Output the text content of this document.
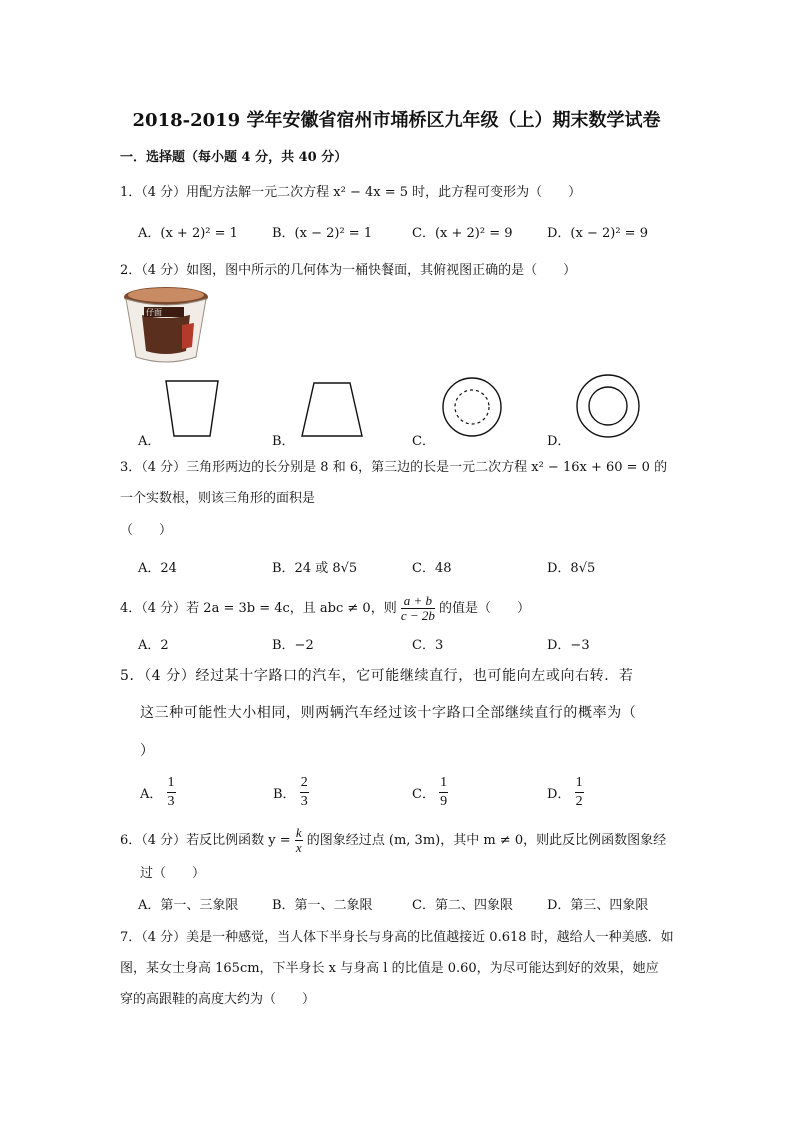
2018-2019 学年安徽省宿州市埇桥区九年级（上）期末数学试卷
一．选择题（每小题 4 分，共 40 分）
1．（4 分）用配方法解一元二次方程 x² − 4x = 5 时，此方程可变形为（　　）
A．(x + 2)² = 1	B．(x − 2)² = 1	C．(x + 2)² = 9	D．(x − 2)² = 9
2．（4 分）如图，图中所示的几何体为一桶快餐面，其俯视图正确的是（　　）
仔面
A．	B．	C．	D．
3．（4 分）三角形两边的长分别是 8 和 6，第三边的长是一元二次方程 x² − 16x + 60 = 0 的一个实数根，则该三角形的面积是
（　　）
A．24	B．24 或 8√5	C．48	D．8√5
4．（4 分）若 2a = 3b = 4c，且 abc ≠ 0，则 $\frac{a + b}{c - 2b}$ 的值是（　　）
A．2	B．−2	C．3	D．−3
5．（4 分）经过某十字路口的汽车，它可能继续直行，也可能向左或向右转．若
这三种可能性大小相同，则两辆汽车经过该十字路口全部继续直行的概率为（
）
A． $\frac{1}{3}$	B． $\frac{2}{3}$	C． $\frac{1}{9}$	D． $\frac{1}{2}$
6．（4 分）若反比例函数 $y = \frac{k}{x}$ 的图象经过点 (m, 3m)，其中 m ≠ 0，则此反比例函数图象经
过（　　）
A．第一、三象限	B．第一、二象限	C．第二、四象限	D．第三、四象限
7．（4 分）美是一种感觉，当人体下半身长与身高的比值越接近 0.618 时，越给人一种美感．如
图，某女士身高 165cm，下半身长 x 与身高 l 的比值是 0.60，为尽可能达到好的效果，她应
穿的高跟鞋的高度大约为（　　）
